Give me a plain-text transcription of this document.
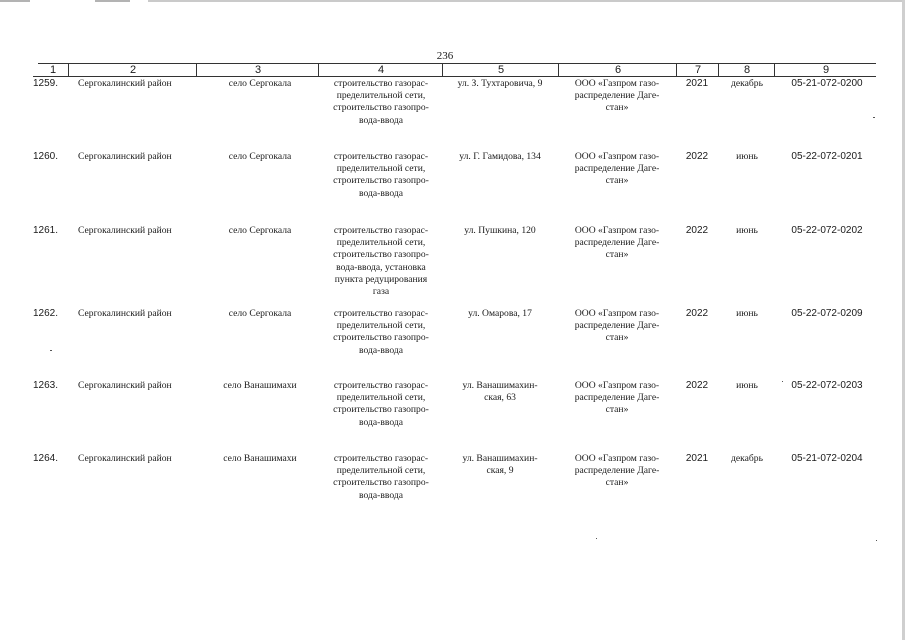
236
1	2	3	4	5	6	7	8	9
1259.	Сергокалинский район	село Сергокала	строительство газорас-
пределительной сети,
строительство газопро-
вода-ввода
ул. З. Тухтаровича, 9	ООО «Газпром газо-
распределение Даге-
стан»
2021	декабрь	05-21-072-0200
1260.	Сергокалинский район	село Сергокала	строительство газорас-
пределительной сети,
строительство газопро-
вода-ввода
ул. Г. Гамидова, 134	ООО «Газпром газо-
распределение Даге-
стан»
2022	июнь	05-22-072-0201
1261.	Сергокалинский район	село Сергокала	строительство газорас-
пределительной сети,
строительство газопро-
вода-ввода, установка
пункта редуцирования
газа
ул. Пушкина, 120	ООО «Газпром газо-
распределение Даге-
стан»
2022	июнь	05-22-072-0202
1262.	Сергокалинский район	село Сергокала	строительство газорас-
пределительной сети,
строительство газопро-
вода-ввода
ул. Омарова, 17	ООО «Газпром газо-
распределение Даге-
стан»
2022	июнь	05-22-072-0209
1263.	Сергокалинский район	село Ванашимахи	строительство газорас-
пределительной сети,
строительство газопро-
вода-ввода
ул. Ванашимахин-
ская, 63
ООО «Газпром газо-
распределение Даге-
стан»
2022	июнь	05-22-072-0203
1264.	Сергокалинский район	село Ванашимахи	строительство газорас-
пределительной сети,
строительство газопро-
вода-ввода
ул. Ванашимахин-
ская, 9
ООО «Газпром газо-
распределение Даге-
стан»
2021	декабрь	05-21-072-0204
